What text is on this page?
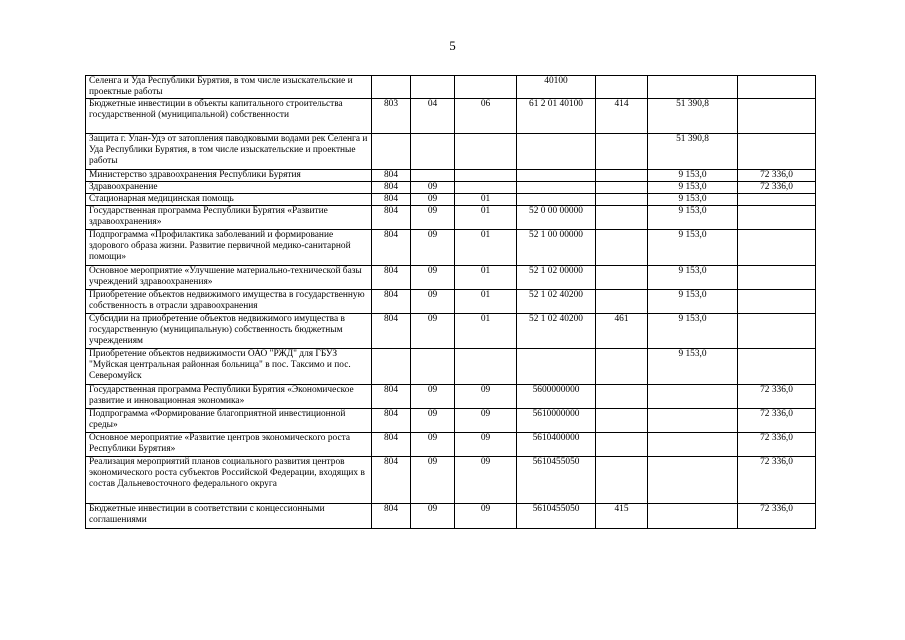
5
Селенга и Уда Республики Бурятия, в том числе изыскательские и проектные работы				40100			
Бюджетные инвестиции в объекты капитального строительства государственной (муниципальной) собственности	803	04	06	61 2 01 40100	414	51 390,8	
Защита г. Улан-Удэ от затопления паводковыми водами рек Селенга и Уда Республики Бурятия, в том числе изыскательские и проектные работы						51 390,8	
Министерство здравоохранения Республики Бурятия	804					9 153,0	72 336,0
Здравоохранение	804	09				9 153,0	72 336,0
Стационарная медицинская помощь	804	09	01			9 153,0	
Государственная программа Республики Бурятия «Развитие здравоохранения»	804	09	01	52 0 00 00000		9 153,0	
Подпрограмма «Профилактика заболеваний и формирование здорового образа жизни. Развитие первичной медико-санитарной помощи»	804	09	01	52 1 00 00000		9 153,0	
Основное мероприятие «Улучшение материально-технической базы учреждений здравоохранения»	804	09	01	52 1 02 00000		9 153,0	
Приобретение объектов недвижимого имущества в государственную собственность в отрасли здравоохранения	804	09	01	52 1 02 40200		9 153,0	
Субсидии на приобретение объектов недвижимого имущества в государственную (муниципальную) собственность бюджетным учреждениям	804	09	01	52 1 02 40200	461	9 153,0	
Приобретение объектов недвижимости ОАО "РЖД" для ГБУЗ "Муйская центральная районная больница" в пос. Таксимо и пос. Северомуйск						9 153,0	
Государственная программа Республики Бурятия «Экономическое развитие и инновационная экономика»	804	09	09	5600000000			72 336,0
Подпрограмма «Формирование благоприятной инвестиционной среды»	804	09	09	5610000000			72 336,0
Основное мероприятие «Развитие центров экономического роста Республики Бурятия»	804	09	09	5610400000			72 336,0
Реализация мероприятий планов социального развития центров экономического роста субъектов Российской Федерации, входящих в состав Дальневосточного федерального округа	804	09	09	5610455050			72 336,0
Бюджетные инвестиции в соответствии с концессионными соглашениями	804	09	09	5610455050	415		72 336,0
